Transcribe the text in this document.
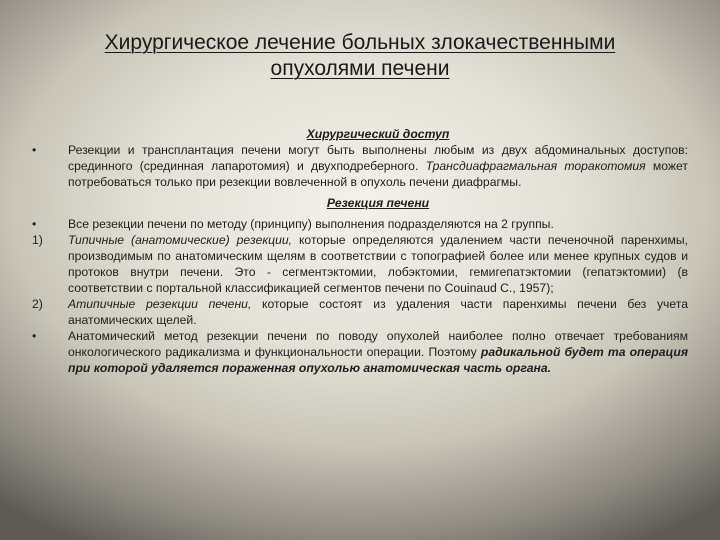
Хирургическое лечение больных злокачественными опухолями печени
Хирургический доступ
•	Резекции и трансплантация печени могут быть выполнены любым из двух абдоминальных доступов: срединного (срединная лапаротомия) и двухподреберного. Трансдиафрагмальная торакотомия может потребоваться только при резекции вовлеченной в опухоль печени диафрагмы.
Резекция печени
•	Все резекции печени по методу (принципу) выполнения подразделяются на 2 группы.
1)	Типичные (анатомические) резекции, которые определяются удалением части печеночной паренхимы, производимым по анатомическим щелям в соответствии с топографией более или менее крупных судов и протоков внутри печени. Это - сегментэктомии, лобэктомии, гемигепатэктомии (гепатэктомии) (в соответствии с портальной классификацией сегментов печени по Couinaud C., 1957);
2)	Атипичные резекции печени, которые состоят из удаления части паренхимы печени без учета анатомических щелей.
•	Анатомический метод резекции печени по поводу опухолей наиболее полно отвечает требованиям онкологического радикализма и функциональности операции. Поэтому радикальной будет та операция при которой удаляется пораженная опухолью анатомическая часть органа.
